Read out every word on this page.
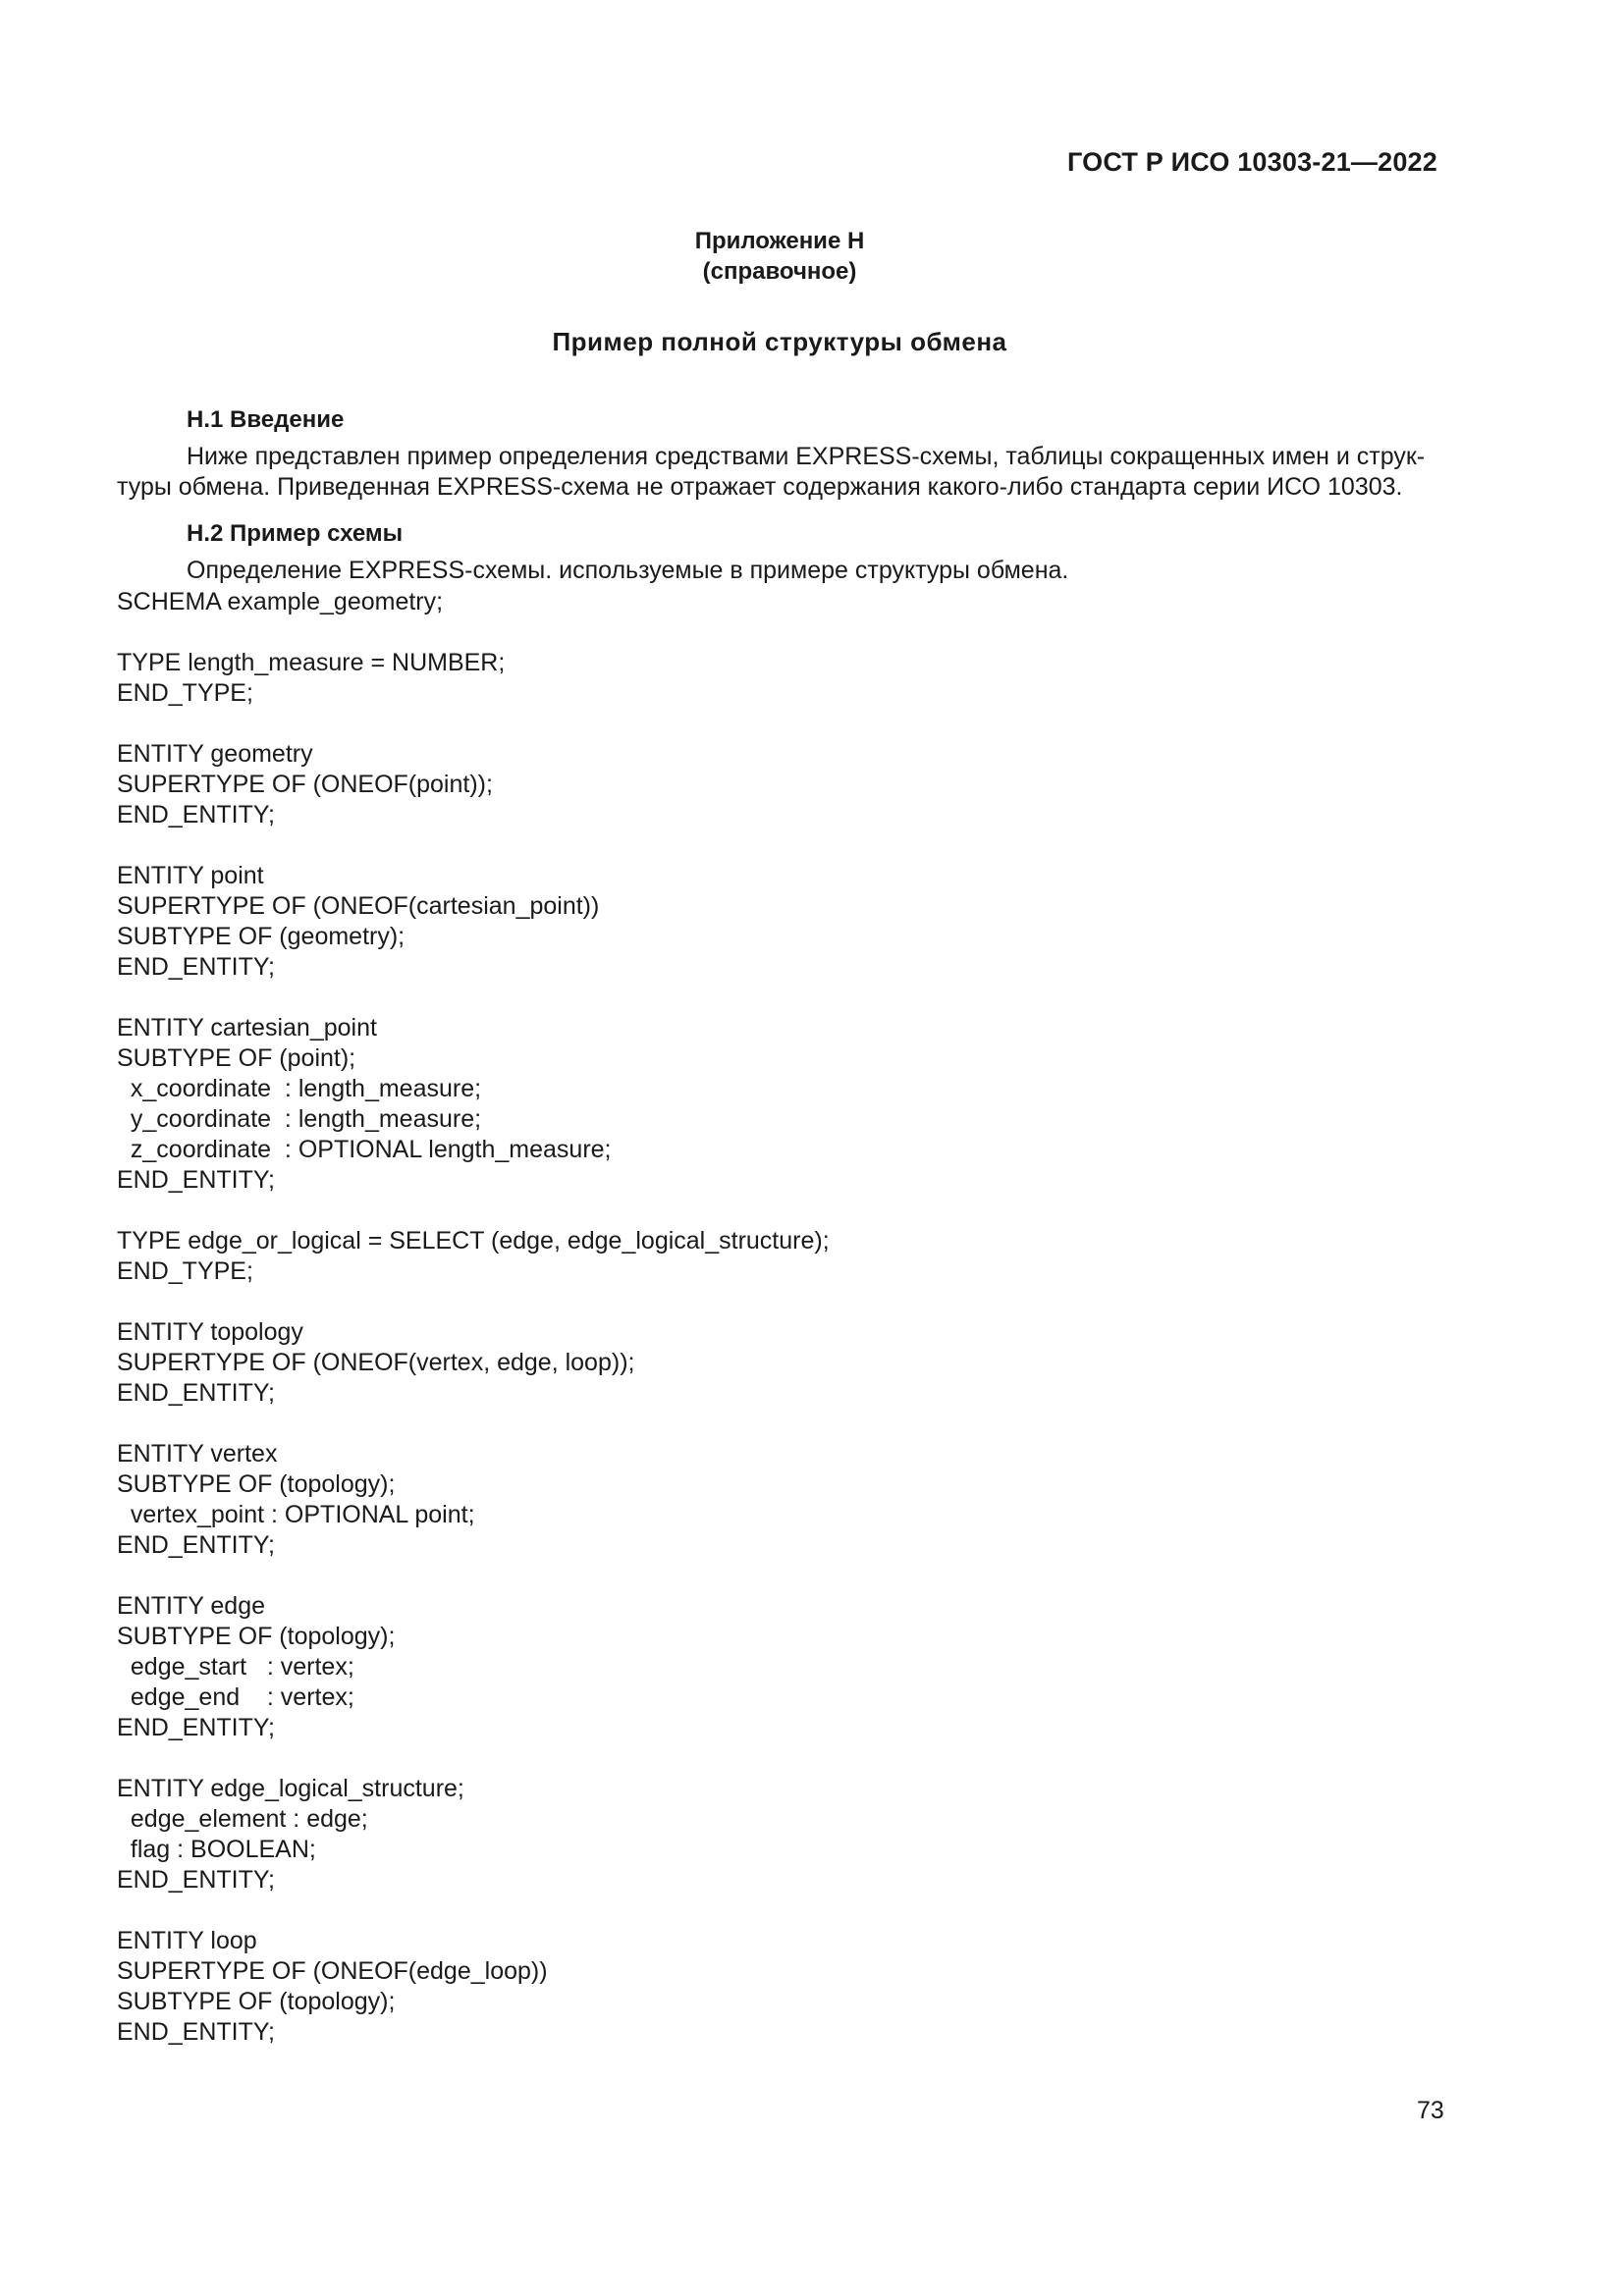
ГОСТ Р ИСО 10303-21—2022
Приложение H
(справочное)
Пример полной структуры обмена
H.1 Введение
Ниже представлен пример определения средствами EXPRESS-схемы, таблицы сокращенных имен и струк-туры обмена. Приведенная EXPRESS-схема не отражает содержания какого-либо стандарта серии ИСО 10303.
H.2 Пример схемы
Определение EXPRESS-схемы. используемые в примере структуры обмена.
SCHEMA example_geometry;
TYPE length_measure = NUMBER;
END_TYPE;
ENTITY geometry
SUPERTYPE OF (ONEOF(point));
END_ENTITY;
ENTITY point
SUPERTYPE OF (ONEOF(cartesian_point))
SUBTYPE OF (geometry);
END_ENTITY;
ENTITY cartesian_point
SUBTYPE OF (point);
x_coordinate  : length_measure;
y_coordinate  : length_measure;
z_coordinate  : OPTIONAL length_measure;
END_ENTITY;
TYPE edge_or_logical = SELECT (edge, edge_logical_structure);
END_TYPE;
ENTITY topology
SUPERTYPE OF (ONEOF(vertex, edge, loop));
END_ENTITY;
ENTITY vertex
SUBTYPE OF (topology);
vertex_point : OPTIONAL point;
END_ENTITY;
ENTITY edge
SUBTYPE OF (topology);
edge_start   : vertex;
edge_end    : vertex;
END_ENTITY;
ENTITY edge_logical_structure;
edge_element : edge;
flag : BOOLEAN;
END_ENTITY;
ENTITY loop
SUPERTYPE OF (ONEOF(edge_loop))
SUBTYPE OF (topology);
END_ENTITY;
73
